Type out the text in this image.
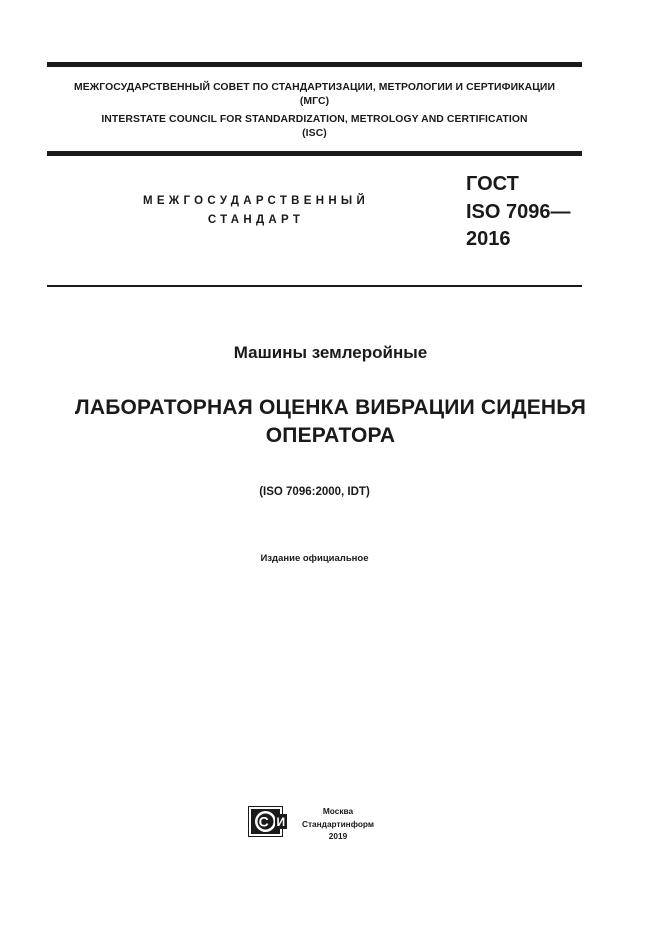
МЕЖГОСУДАРСТВЕННЫЙ СОВЕТ ПО СТАНДАРТИЗАЦИИ, МЕТРОЛОГИИ И СЕРТИФИКАЦИИ
(МГС)
INTERSTATE COUNCIL FOR STANDARDIZATION, METROLOGY AND CERTIFICATION
(ISC)
МЕЖГОСУДАРСТВЕННЫЙ
СТАНДАРТ
ГОСТ
ISO 7096—
2016
Машины землеройные
ЛАБОРАТОРНАЯ ОЦЕНКА ВИБРАЦИИ СИДЕНЬЯ
ОПЕРАТОРА
(ISO 7096:2000, IDT)
Издание официальное
C И
Москва
Стандартинформ
2019
